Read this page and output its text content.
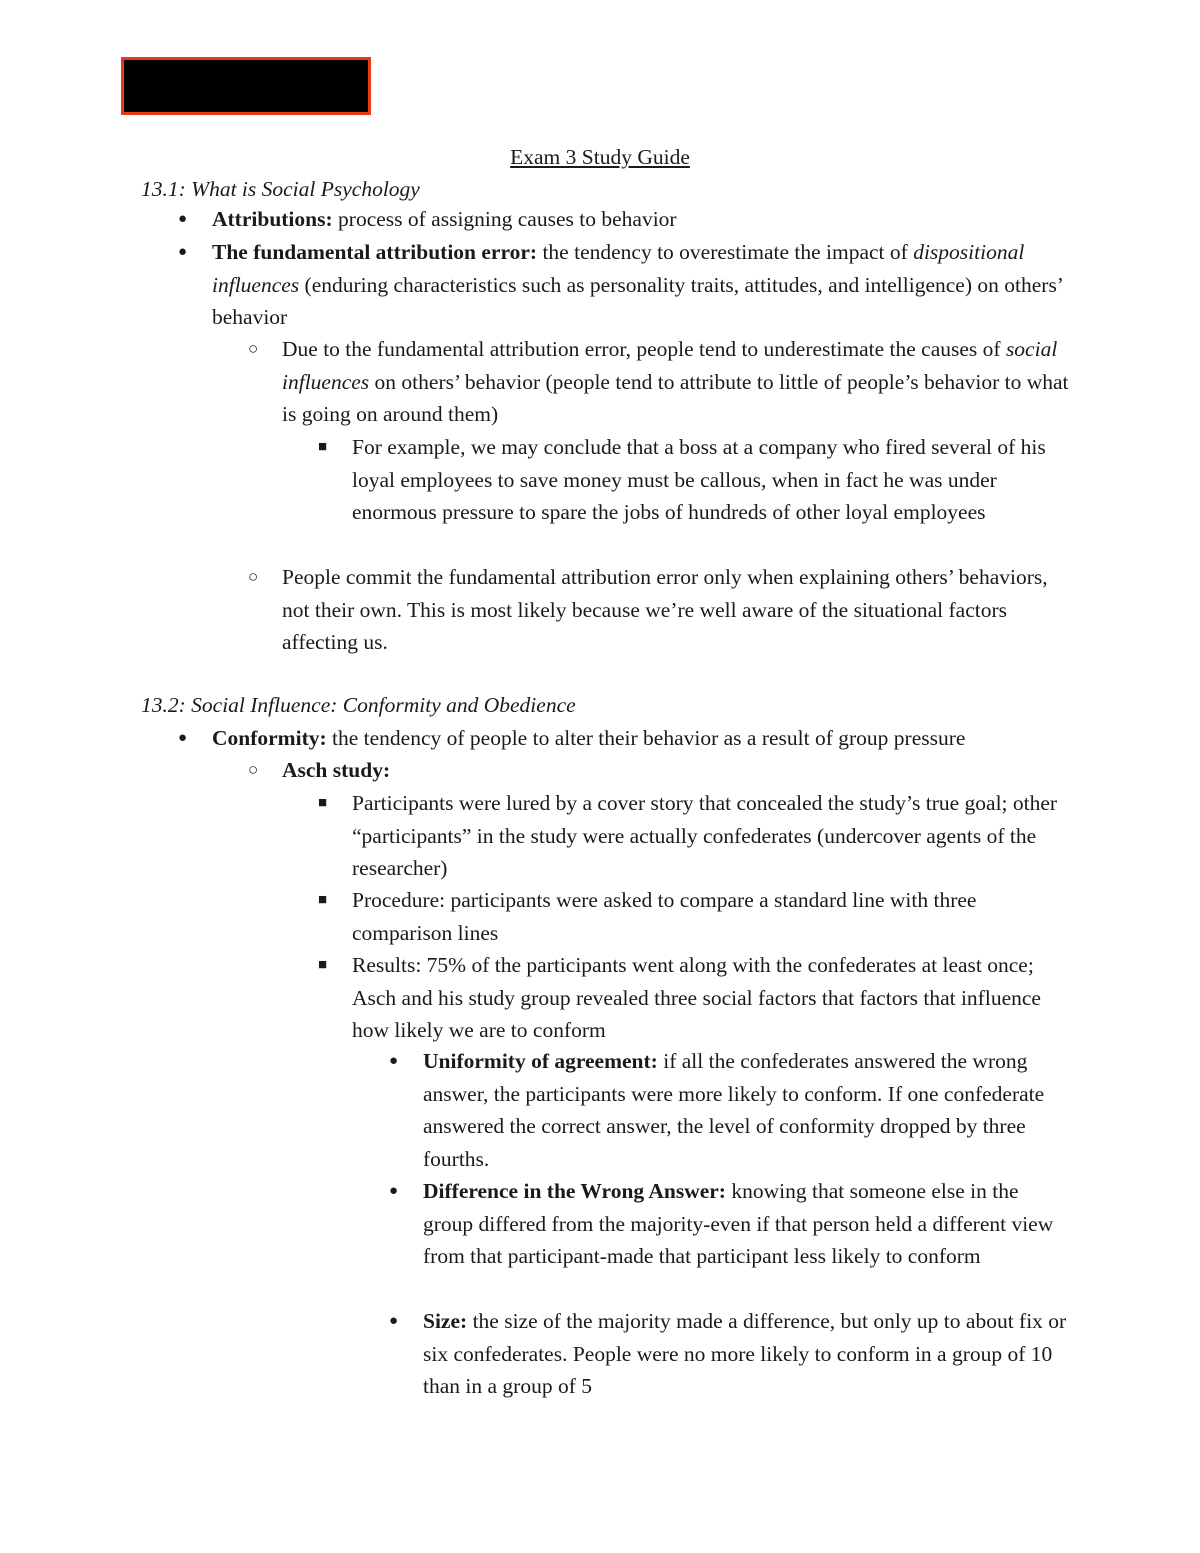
Exam 3 Study Guide
13.1: What is Social Psychology
● Attributions: process of assigning causes to behavior
● The fundamental attribution error: the tendency to overestimate the impact of dispositional influences (enduring characteristics such as personality traits, attitudes, and intelligence) on others’ behavior
○ Due to the fundamental attribution error, people tend to underestimate the causes of social influences on others’ behavior (people tend to attribute to little of people’s behavior to what is going on around them)
■ For example, we may conclude that a boss at a company who fired several of his loyal employees to save money must be callous, when in fact he was under enormous pressure to spare the jobs of hundreds of other loyal employees
○ People commit the fundamental attribution error only when explaining others’ behaviors, not their own. This is most likely because we’re well aware of the situational factors affecting us.
13.2: Social Influence: Conformity and Obedience
● Conformity: the tendency of people to alter their behavior as a result of group pressure
○ Asch study:
■ Participants were lured by a cover story that concealed the study’s true goal; other “participants” in the study were actually confederates (undercover agents of the researcher)
■ Procedure: participants were asked to compare a standard line with three comparison lines
■ Results: 75% of the participants went along with the confederates at least once; Asch and his study group revealed three social factors that factors that influence how likely we are to conform
● Uniformity of agreement: if all the confederates answered the wrong answer, the participants were more likely to conform. If one confederate answered the correct answer, the level of conformity dropped by three fourths.
● Difference in the Wrong Answer: knowing that someone else in the group differed from the majority-even if that person held a different view from that participant-made that participant less likely to conform
● Size: the size of the majority made a difference, but only up to about fix or six confederates. People were no more likely to conform in a group of 10 than in a group of 5
